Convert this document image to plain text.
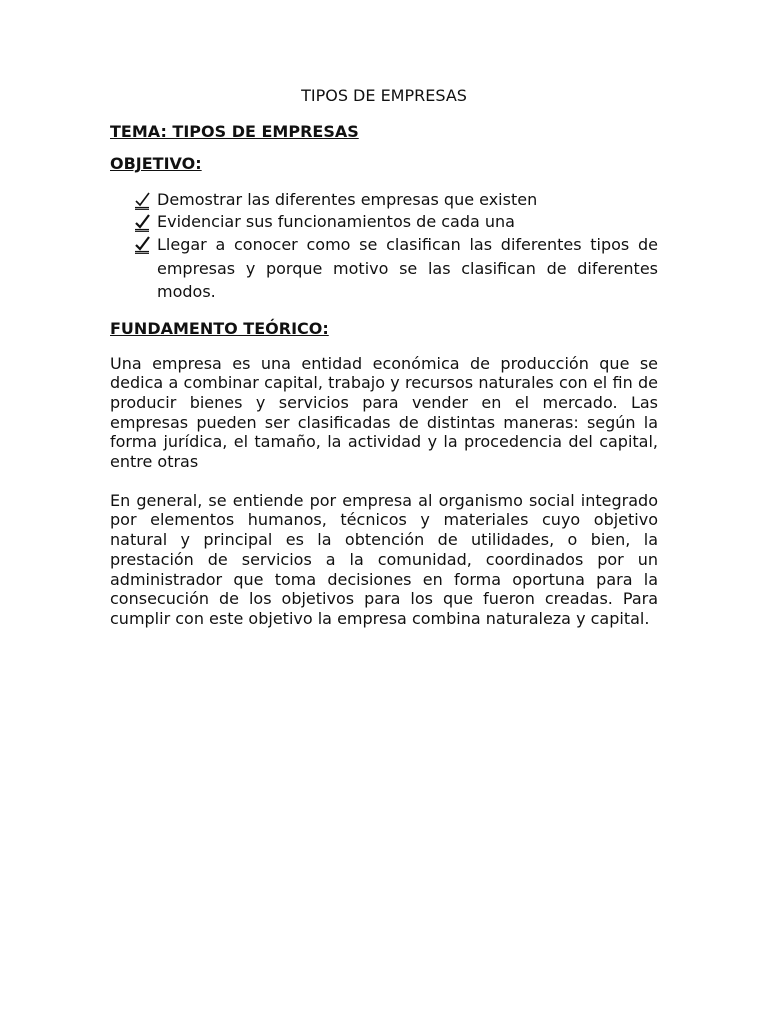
TIPOS DE EMPRESAS

TEMA: TIPOS DE EMPRESAS

OBJETIVO:

Demostrar las diferentes empresas que existen
Evidenciar sus funcionamientos de cada una
Llegar a conocer como se clasifican las diferentes tipos de empresas y porque motivo se las clasifican de diferentes modos.

FUNDAMENTO TEÓRICO:

Una empresa es una entidad económica de producción que se dedica a combinar capital, trabajo y recursos naturales con el fin de producir bienes y servicios para vender en el mercado. Las empresas pueden ser clasificadas de distintas maneras: según la forma jurídica, el tamaño, la actividad y la procedencia del capital, entre otras

En general, se entiende por empresa al organismo social integrado por elementos humanos, técnicos y materiales cuyo objetivo natural y principal es la obtención de utilidades, o bien, la prestación de servicios a la comunidad, coordinados por un administrador que toma decisiones en forma oportuna para la consecución de los objetivos para los que fueron creadas. Para cumplir con este objetivo la empresa combina naturaleza y capital.
